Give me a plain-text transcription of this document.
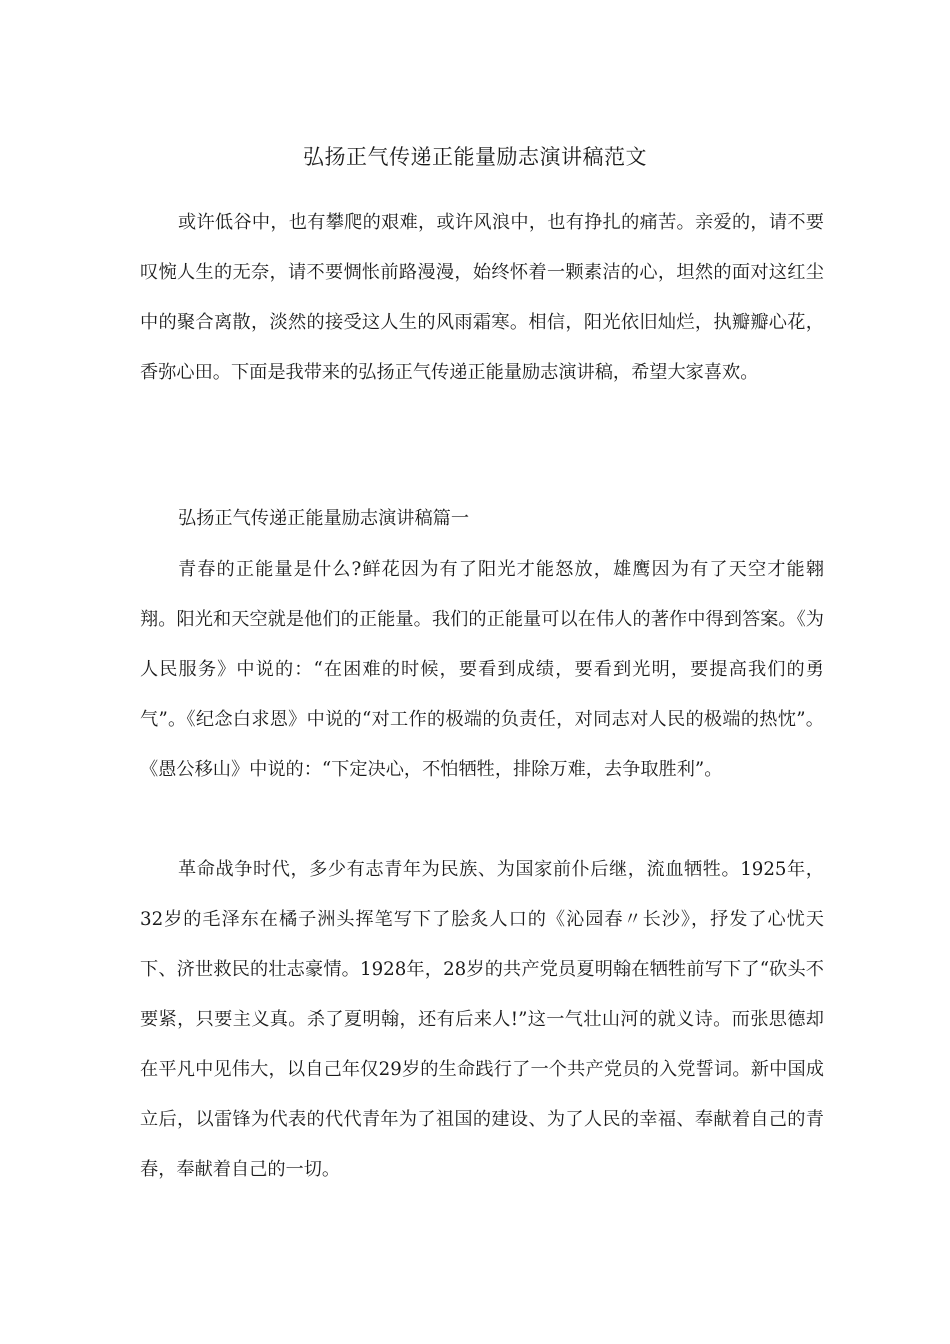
弘扬正气传递正能量励志演讲稿范文

或许低谷中，也有攀爬的艰难，或许风浪中，也有挣扎的痛苦。亲爱的，请不要叹惋人生的无奈，请不要惆怅前路漫漫，始终怀着一颗素洁的心，坦然的面对这红尘中的聚合离散，淡然的接受这人生的风雨霜寒。相信，阳光依旧灿烂，执瓣瓣心花，香弥心田。下面是我带来的弘扬正气传递正能量励志演讲稿，希望大家喜欢。

弘扬正气传递正能量励志演讲稿篇一

青春的正能量是什么?鲜花因为有了阳光才能怒放，雄鹰因为有了天空才能翱翔。阳光和天空就是他们的正能量。我们的正能量可以在伟人的著作中得到答案。《为人民服务》中说的：“在困难的时候，要看到成绩，要看到光明，要提高我们的勇气”。《纪念白求恩》中说的“对工作的极端的负责任，对同志对人民的极端的热忱”。《愚公移山》中说的：“下定决心，不怕牺牲，排除万难，去争取胜利”。

革命战争时代，多少有志青年为民族、为国家前仆后继，流血牺牲。1925年，32岁的毛泽东在橘子洲头挥笔写下了脍炙人口的《沁园春〃长沙》，抒发了心忧天下、济世救民的壮志豪情。1928年，28岁的共产党员夏明翰在牺牲前写下了“砍头不要紧，只要主义真。杀了夏明翰，还有后来人!”这一气壮山河的就义诗。而张思德却在平凡中见伟大，以自己年仅29岁的生命践行了一个共产党员的入党誓词。新中国成立后，以雷锋为代表的代代青年为了祖国的建设、为了人民的幸福、奉献着自己的青春，奉献着自己的一切。
